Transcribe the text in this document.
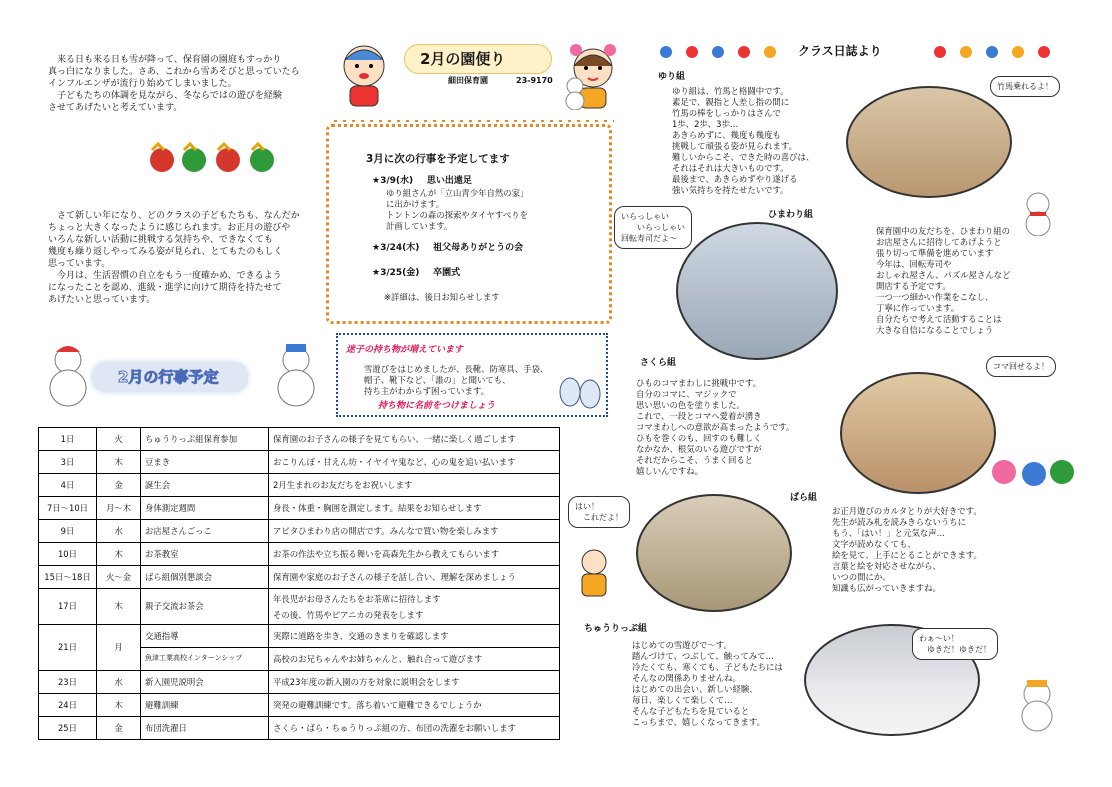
　来る日も来る日も雪が降って、保育園の園庭もすっかり
真っ白になりました。さあ、これから雪あそびと思っていたら
インフルエンザが流行り始めてしまいました。
　子どもたちの体調を見ながら、冬ならではの遊びを経験
させてあげたいと考えています。
　さて新しい年になり、どのクラスの子どもたちも、なんだか
ちょっと大きくなったように感じられます。お正月の遊びや
いろんな新しい活動に挑戦する気持ちや、できなくても
幾度も繰り返しやってみる姿が見られ、とてもたのもしく
思っています。
　今月は、生活習慣の自立をもう一度確かめ、できるよう
になったことを認め、進級・進学に向けて期待を持たせて
あげたいと思っています。
2月の園便り
細田保育園	23-9170
3月に次の行事を予定してます
★3/9(水) 思い出遠足
ゆり組さんが「立山青少年自然の家」
に出かけます。
トントンの森の探索やタイヤすべりを
計画しています。
★3/24(木) 祖父母ありがとうの会
★3/25(金) 卒園式
※詳細は、後日お知らせします
迷子の持ち物が増えています
雪遊びをはじめましたが、長靴、防寒具、手袋、
帽子、靴下など、「誰の」と聞いても、
持ち主がわからず困っています。
持ち物に名前をつけましょう
2月の行事予定
1日	火	ちゅうりっぷ組保育参加	保育園のお子さんの様子を見てもらい、一緒に楽しく過ごします
3日	木	豆まき	おこりんぼ・甘えん坊・イヤイヤ鬼など、心の鬼を追い払います
4日	金	誕生会	2月生まれのお友だちをお祝いします
7日～10日	月～木	身体測定週間	身長・体重・胸囲を測定します。結果をお知らせします
9日	水	お店屋さんごっこ	アピタひまわり店の開店です。みんなで買い物を楽しみます
10日	木	お茶教室	お茶の作法や立ち振る舞いを高森先生から教えてもらいます
15日～18日	火～金	ばら組個別懇談会	保育園や家庭のお子さんの様子を話し合い、理解を深めましょう
17日	木	親子交流お茶会	年長児がお母さんたちをお茶席に招待します
その後、竹馬やピアニカの発表をします
21日	月	交通指導	実際に道路を歩き、交通のきまりを確認します
		魚津工業高校インターンシップ	高校のお兄ちゃんやお姉ちゃんと、触れ合って遊びます
23日	水	新入園児説明会	平成23年度の新入園の方を対象に説明会をします
24日	木	避難訓練	突発の避難訓練です。落ち着いて避難できるでしょうか
25日	金	布団洗濯日	さくら・ばら・ちゅうりっぷ組の方、布団の洗濯をお願いします
クラス日誌より
ゆり組
ゆり組は、竹馬と格闘中です。
素足で、親指と人差し指の間に
竹馬の棒をしっかりはさんで
1歩、2歩、3歩…
あきらめずに、幾度も幾度も
挑戦して頑張る姿が見られます。
難しいからこそ、できた時の喜びは、
それはそれは大きいものです。
最後まで、あきらめずやり遂げる
強い気持ちを持たせたいです。
竹馬乗れるよ！
ひまわり組
いらっしゃい
　　いらっしゃい
回転寿司だよ～
保育園中の友だちを、ひまわり組の
お店屋さんに招待してあげようと
張り切って準備を進めています
今年は、回転寿司や
おしゃれ屋さん、パズル屋さんなど
開店する予定です。
一つ一つ細かい作業をこなし、
丁寧に作っています。
自分たちで考えて活動することは
大きな自信になることでしょう
さくら組
ひものコマまわしに挑戦中です。
自分のコマに、マジックで
思い思いの色を塗りました。
これで、一段とコマへ愛着が湧き
コマまわしへの意欲が高まったようです。
ひもを巻くのも、回すのも難しく
なかなか、根気のいる遊びですが
それだからこそ、うまく回ると
嬉しいんですね。
コマ回せるよ！
ばら組
はい！
　これだよ！
お正月遊びのカルタとりが大好きです。
先生が読み札を読みきらないうちに
もう、「はい！」と元気な声…
文字が読めなくても、
絵を見て、上手にとることができます。
言葉と絵を対応させながら、
いつの間にか、
知識も広がっていきますね。
ちゅうりっぷ組
はじめての雪遊びで～す。
踏んづけて、つぶして、触ってみて…
冷たくても、寒くても、子どもたちには
そんなの関係ありませんね。
はじめての出会い、新しい経験、
毎日、楽しくて楽しくて…
そんな子どもたちを見ていると
こっちまで、嬉しくなってきます。
わぁ～い！
　ゆきだ！ゆきだ！
